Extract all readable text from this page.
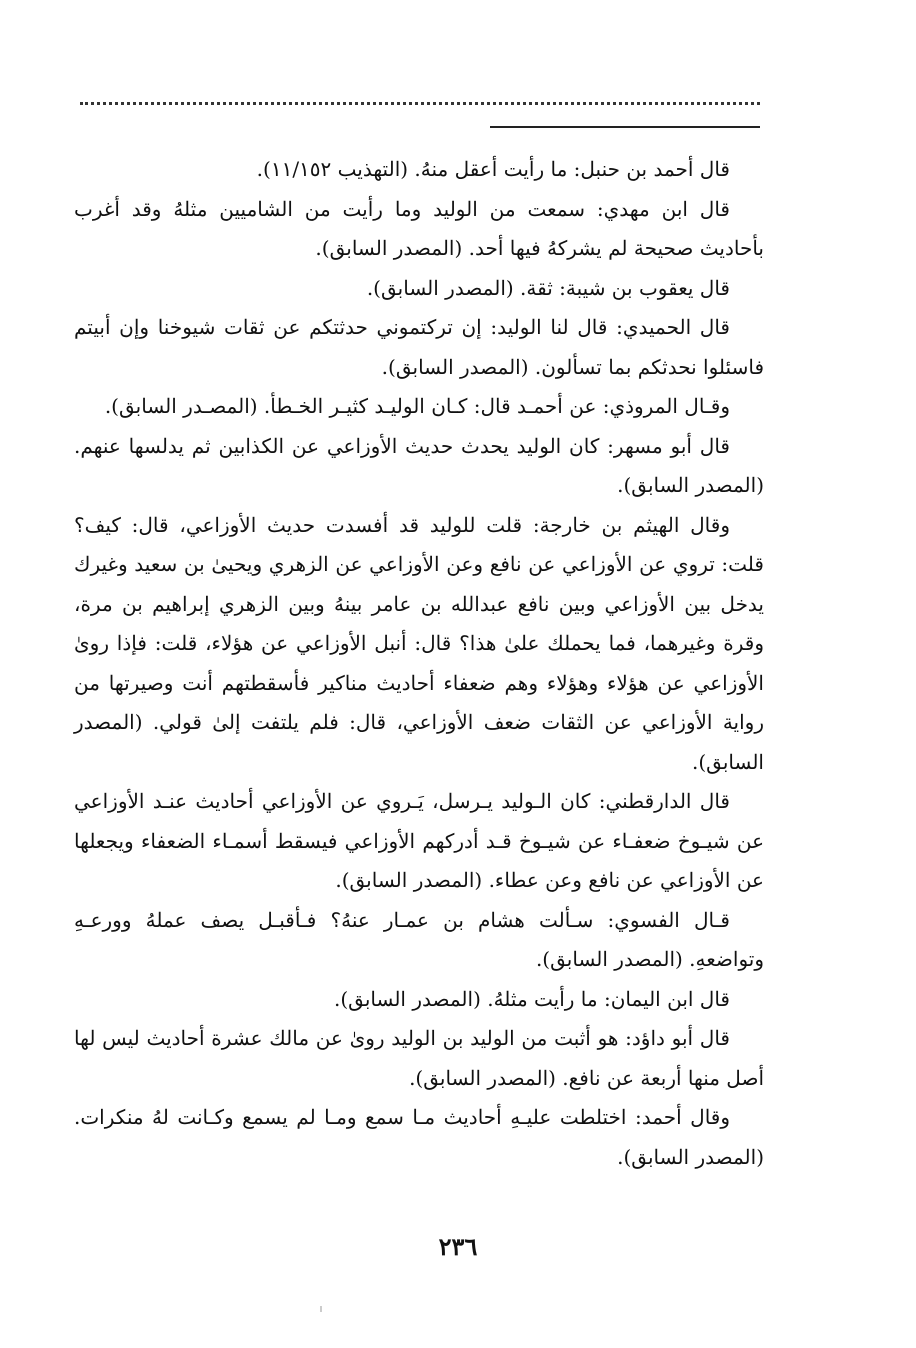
قال أحمد بن حنبل: ما رأيت أعقل منهُ. (التهذيب ١١/١٥٢).

قال ابن مهدي: سمعت من الوليد وما رأيت من الشاميين مثلهُ وقد أغرب بأحاديث صحيحة لم يشركهُ فيها أحد. (المصدر السابق).

قال يعقوب بن شيبة: ثقة. (المصدر السابق).

قال الحميدي: قال لنا الوليد: إن تركتموني حدثتكم عن ثقات شيوخنا وإن أبيتم فاسئلوا نحدثكم بما تسألون. (المصدر السابق).

وقـال المروذي: عن أحمـد قال: كـان الوليـد كثيـر الخـطأ. (المصـدر السابق).

قال أبو مسهر: كان الوليد يحدث حديث الأوزاعي عن الكذابين ثم يدلسها عنهم. (المصدر السابق).

وقال الهيثم بن خارجة: قلت للوليد قد أفسدت حديث الأوزاعي، قال: كيف؟ قلت: تروي عن الأوزاعي عن نافع وعن الأوزاعي عن الزهري ويحيىٰ بن سعيد وغيرك يدخل بين الأوزاعي وبين نافع عبدالله بن عامر بينهُ وبين الزهري إبراهيم بن مرة، وقرة وغيرهما، فما يحملك علىٰ هذا؟ قال: أنبل الأوزاعي عن هؤلاء، قلت: فإذا روىٰ الأوزاعي عن هؤلاء وهؤلاء وهم ضعفاء أحاديث مناكير فأسقطتهم أنت وصيرتها من رواية الأوزاعي عن الثقات ضعف الأوزاعي، قال: فلم يلتفت إلىٰ قولي. (المصدر السابق).

قال الدارقطني: كان الـوليد يـرسل، يَـروي عن الأوزاعي أحاديث عنـد الأوزاعي عن شيـوخ ضعفـاء عن شيـوخ قـد أدركهم الأوزاعي فيسقط أسمـاء الضعفاء ويجعلها عن الأوزاعي عن نافع وعن عطاء. (المصدر السابق).

قـال الفسوي: سـألت هشام بن عمـار عنهُ؟ فـأقبـل يصف عملهُ وورعـهِ وتواضعهِ. (المصدر السابق).

قال ابن اليمان: ما رأيت مثلهُ. (المصدر السابق).

قال أبو داؤد: هو أثبت من الوليد بن الوليد روىٰ عن مالك عشرة أحاديث ليس لها أصل منها أربعة عن نافع. (المصدر السابق).

وقال أحمد: اختلطت عليـهِ أحاديث مـا سمع ومـا لم يسمع وكـانت لهُ منكرات. (المصدر السابق).

٢٣٦
